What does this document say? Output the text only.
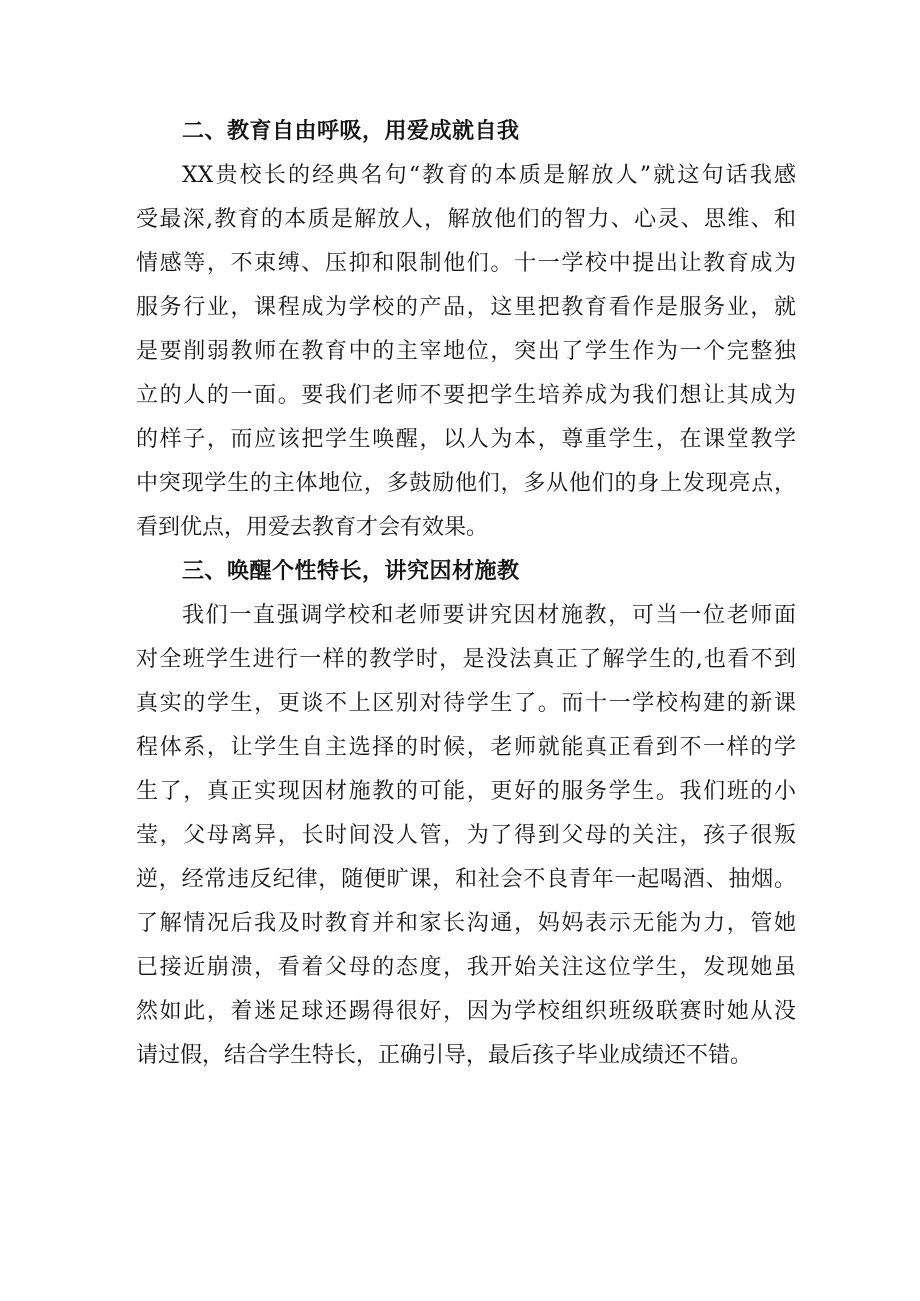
二、教育自由呼吸，用爱成就自我
XX贵校长的经典名句“教育的本质是解放人”就这句话我感
受最深,教育的本质是解放人，解放他们的智力、心灵、思维、和
情感等，不束缚、压抑和限制他们。十一学校中提出让教育成为
服务行业，课程成为学校的产品，这里把教育看作是服务业，就
是要削弱教师在教育中的主宰地位，突出了学生作为一个完整独
立的人的一面。要我们老师不要把学生培养成为我们想让其成为
的样子，而应该把学生唤醒，以人为本，尊重学生，在课堂教学
中突现学生的主体地位，多鼓励他们，多从他们的身上发现亮点，
看到优点，用爱去教育才会有效果。
三、唤醒个性特长，讲究因材施教
我们一直强调学校和老师要讲究因材施教，可当一位老师面
对全班学生进行一样的教学时，是没法真正了解学生的,也看不到
真实的学生，更谈不上区别对待学生了。而十一学校构建的新课
程体系，让学生自主选择的时候，老师就能真正看到不一样的学
生了，真正实现因材施教的可能，更好的服务学生。我们班的小
莹，父母离异，长时间没人管，为了得到父母的关注，孩子很叛
逆，经常违反纪律，随便旷课，和社会不良青年一起喝酒、抽烟。
了解情况后我及时教育并和家长沟通，妈妈表示无能为力，管她
已接近崩溃，看着父母的态度，我开始关注这位学生，发现她虽
然如此，着迷足球还踢得很好，因为学校组织班级联赛时她从没
请过假，结合学生特长，正确引导，最后孩子毕业成绩还不错。
